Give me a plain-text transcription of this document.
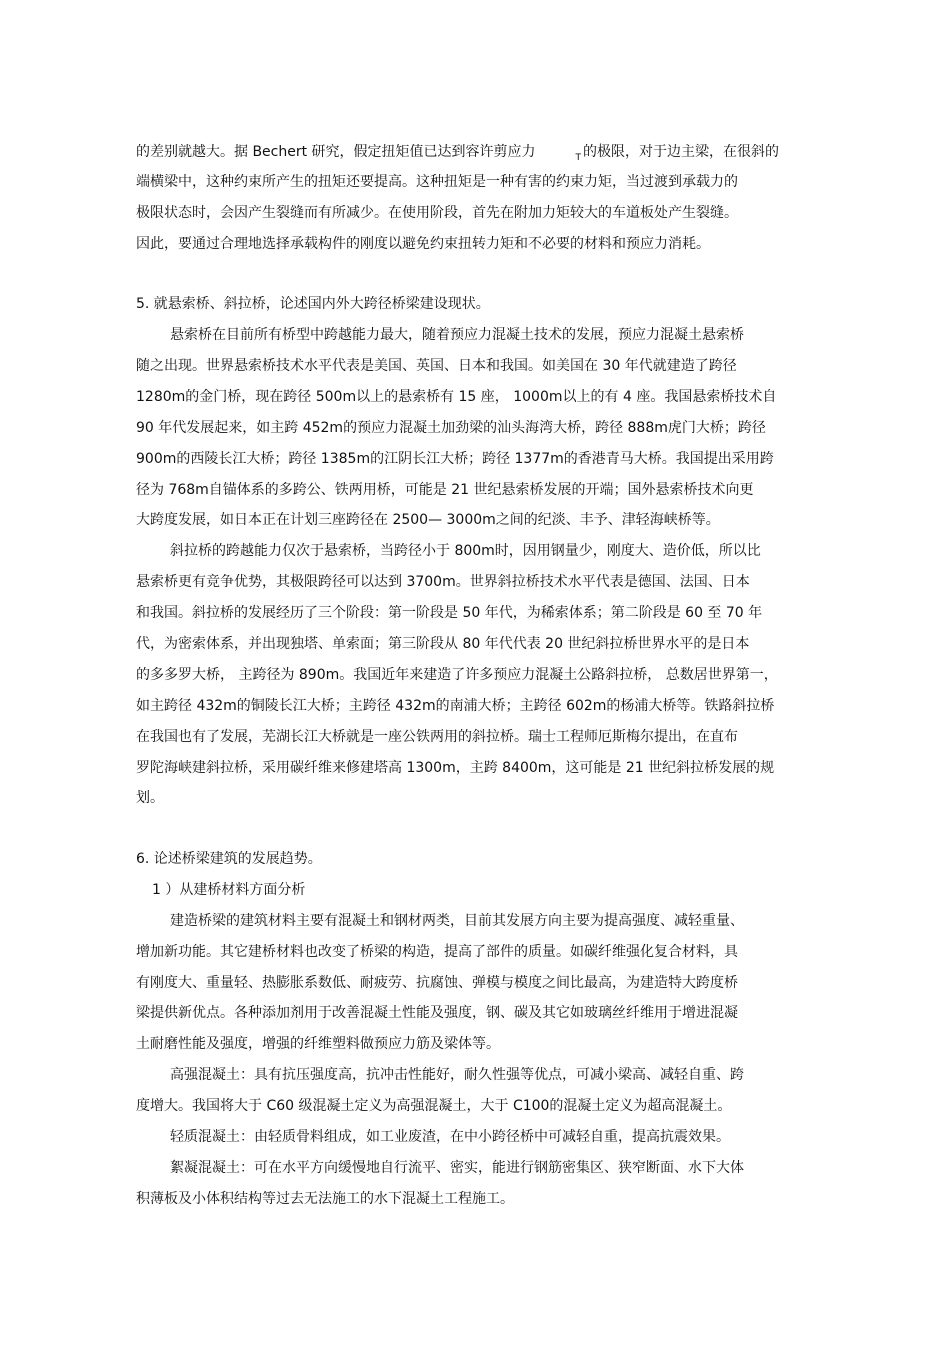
的差别就越大。据 Bechert 研究，假定扭矩值已达到容许剪应力	$_T$ 的极限，对于边主梁，在很斜的
端横梁中，这种约束所产生的扭矩还要提高。这种扭矩是一种有害的约束力矩，当过渡到承载力的
极限状态时，会因产生裂缝而有所减少。在使用阶段，首先在附加力矩较大的车道板处产生裂缝。
因此，要通过合理地选择承载构件的刚度以避免约束扭转力矩和不必要的材料和预应力消耗。
5. 就悬索桥、斜拉桥，论述国内外大跨径桥梁建设现状。
悬索桥在目前所有桥型中跨越能力最大，随着预应力混凝土技术的发展，预应力混凝土悬索桥
随之出现。世界悬索桥技术水平代表是美国、英国、日本和我国。如美国在 30 年代就建造了跨径
1280m的金门桥，现在跨径 500m以上的悬索桥有 15 座， 1000m以上的有 4 座。我国悬索桥技术自
90 年代发展起来，如主跨 452m的预应力混凝土加劲梁的汕头海湾大桥，跨径 888m虎门大桥；跨径
900m的西陵长江大桥；跨径 1385m的江阴长江大桥；跨径 1377m的香港青马大桥。我国提出采用跨
径为 768m自锚体系的多跨公、铁两用桥，可能是 21 世纪悬索桥发展的开端；国外悬索桥技术向更
大跨度发展，如日本正在计划三座跨径在 2500— 3000m之间的纪淡、丰予、津轻海峡桥等。
斜拉桥的跨越能力仅次于悬索桥，当跨径小于 800m时，因用钢量少，刚度大、造价低，所以比
悬索桥更有竞争优势，其极限跨径可以达到 3700m。世界斜拉桥技术水平代表是德国、法国、日本
和我国。斜拉桥的发展经历了三个阶段：第一阶段是 50 年代，为稀索体系；第二阶段是 60 至 70 年
代，为密索体系，并出现独塔、单索面；第三阶段从 80 年代代表 20 世纪斜拉桥世界水平的是日本
的多多罗大桥， 主跨径为 890m。我国近年来建造了许多预应力混凝土公路斜拉桥， 总数居世界第一，
如主跨径 432m的铜陵长江大桥；主跨径 432m的南浦大桥；主跨径 602m的杨浦大桥等。铁路斜拉桥
在我国也有了发展，芜湖长江大桥就是一座公铁两用的斜拉桥。瑞士工程师厄斯梅尔提出，在直布
罗陀海峡建斜拉桥，采用碳纤维来修建塔高 1300m，主跨 8400m，这可能是 21 世纪斜拉桥发展的规
划。
6. 论述桥梁建筑的发展趋势。
1 ）从建桥材料方面分析
建造桥梁的建筑材料主要有混凝土和钢材两类，目前其发展方向主要为提高强度、减轻重量、
增加新功能。其它建桥材料也改变了桥梁的构造，提高了部件的质量。如碳纤维强化复合材料，具
有刚度大、重量轻、热膨胀系数低、耐疲劳、抗腐蚀、弹模与模度之间比最高，为建造特大跨度桥
梁提供新优点。各种添加剂用于改善混凝土性能及强度，钢、碳及其它如玻璃丝纤维用于增进混凝
土耐磨性能及强度，增强的纤维塑料做预应力筋及梁体等。
高强混凝土：具有抗压强度高，抗冲击性能好，耐久性强等优点，可减小梁高、减轻自重、跨
度增大。我国将大于 C60 级混凝土定义为高强混凝土，大于 C100的混凝土定义为超高混凝土。
轻质混凝土：由轻质骨料组成，如工业废渣，在中小跨径桥中可减轻自重，提高抗震效果。
絮凝混凝土：可在水平方向缓慢地自行流平、密实，能进行钢筋密集区、狭窄断面、水下大体
积薄板及小体积结构等过去无法施工的水下混凝土工程施工。
